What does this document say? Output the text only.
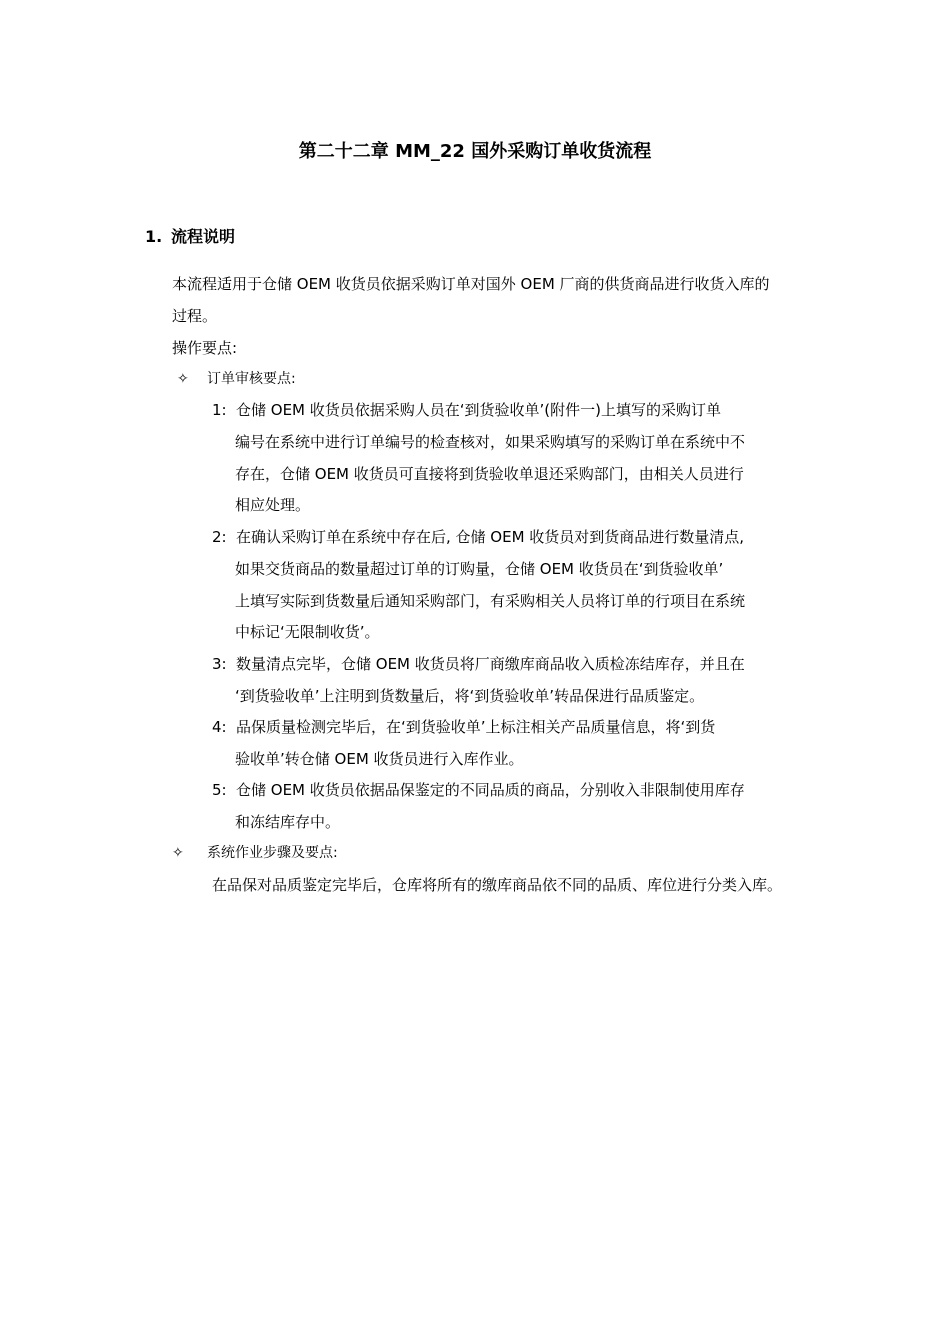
第二十二章 MM_22 国外采购订单收货流程
1. 流程说明
本流程适用于仓储 OEM 收货员依据采购订单对国外 OEM 厂商的供货商品进行收货入库的
过程。
操作要点:
✧ 订单审核要点:
1: 仓储 OEM 收货员依据采购人员在‘到货验收单’(附件一)上填写的采购订单
编号在系统中进行订单编号的检查核对，如果采购填写的采购订单在系统中不
存在，仓储 OEM 收货员可直接将到货验收单退还采购部门，由相关人员进行
相应处理。
2: 在确认采购订单在系统中存在后, 仓储 OEM 收货员对到货商品进行数量清点,
如果交货商品的数量超过订单的订购量，仓储 OEM 收货员在‘到货验收单’
上填写实际到货数量后通知采购部门，有采购相关人员将订单的行项目在系统
中标记‘无限制收货’。
3: 数量清点完毕，仓储 OEM 收货员将厂商缴库商品收入质检冻结库存，并且在
‘到货验收单’上注明到货数量后，将‘到货验收单’转品保进行品质鉴定。
4: 品保质量检测完毕后，在‘到货验收单’上标注相关产品质量信息，将‘到货
验收单’转仓储 OEM 收货员进行入库作业。
5: 仓储 OEM 收货员依据品保鉴定的不同品质的商品，分别收入非限制使用库存
和冻结库存中。
✧ 系统作业步骤及要点:
在品保对品质鉴定完毕后，仓库将所有的缴库商品依不同的品质、库位进行分类入库。
